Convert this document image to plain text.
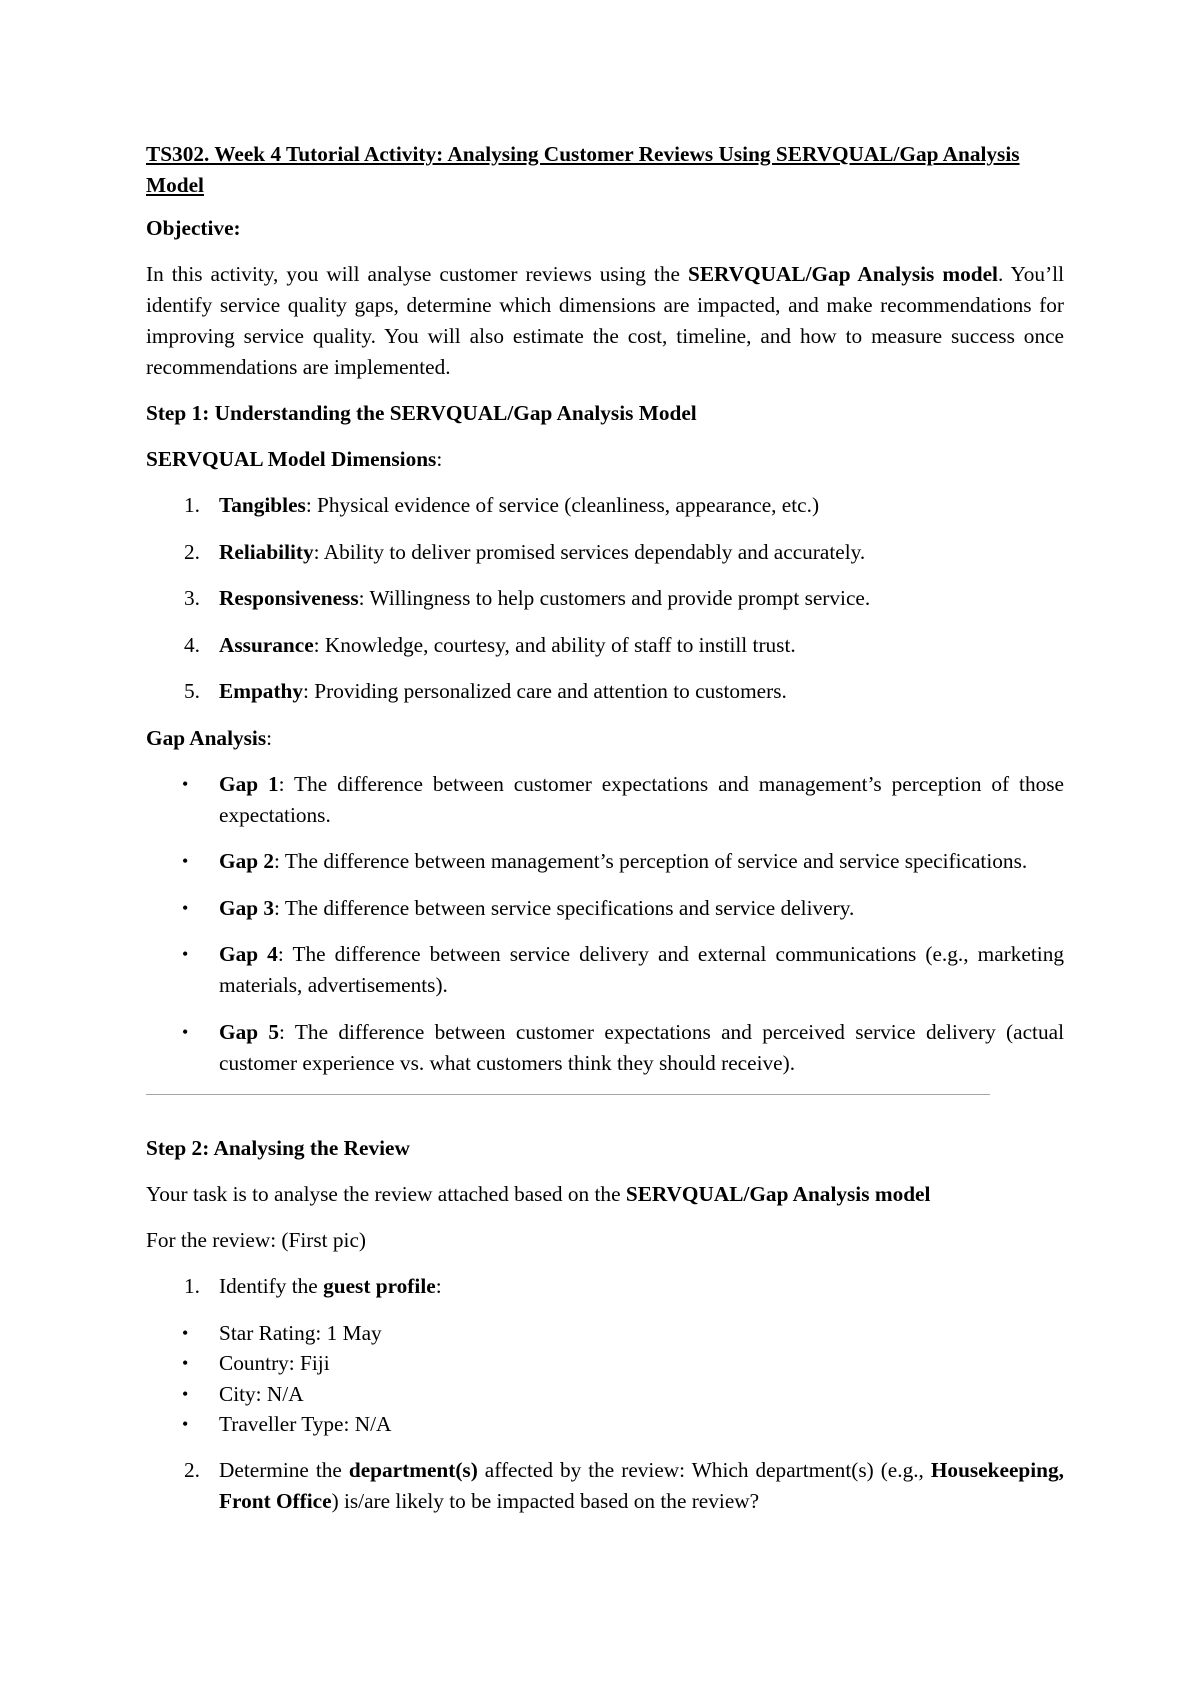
TS302. Week 4 Tutorial Activity: Analysing Customer Reviews Using SERVQUAL/Gap Analysis Model

Objective:

In this activity, you will analyse customer reviews using the SERVQUAL/Gap Analysis model. You’ll identify service quality gaps, determine which dimensions are impacted, and make recommendations for improving service quality. You will also estimate the cost, timeline, and how to measure success once recommendations are implemented.

Step 1: Understanding the SERVQUAL/Gap Analysis Model

SERVQUAL Model Dimensions:

1. Tangibles: Physical evidence of service (cleanliness, appearance, etc.)
2. Reliability: Ability to deliver promised services dependably and accurately.
3. Responsiveness: Willingness to help customers and provide prompt service.
4. Assurance: Knowledge, courtesy, and ability of staff to instill trust.
5. Empathy: Providing personalized care and attention to customers.

Gap Analysis:

• Gap 1: The difference between customer expectations and management’s perception of those expectations.
• Gap 2: The difference between management’s perception of service and service specifications.
• Gap 3: The difference between service specifications and service delivery.
• Gap 4: The difference between service delivery and external communications (e.g., marketing materials, advertisements).
• Gap 5: The difference between customer expectations and perceived service delivery (actual customer experience vs. what customers think they should receive).

Step 2: Analysing the Review

Your task is to analyse the review attached based on the SERVQUAL/Gap Analysis model

For the review: (First pic)

1. Identify the guest profile:
• Star Rating: 1 May
• Country: Fiji
• City: N/A
• Traveller Type: N/A
2. Determine the department(s) affected by the review: Which department(s) (e.g., Housekeeping, Front Office) is/are likely to be impacted based on the review?
